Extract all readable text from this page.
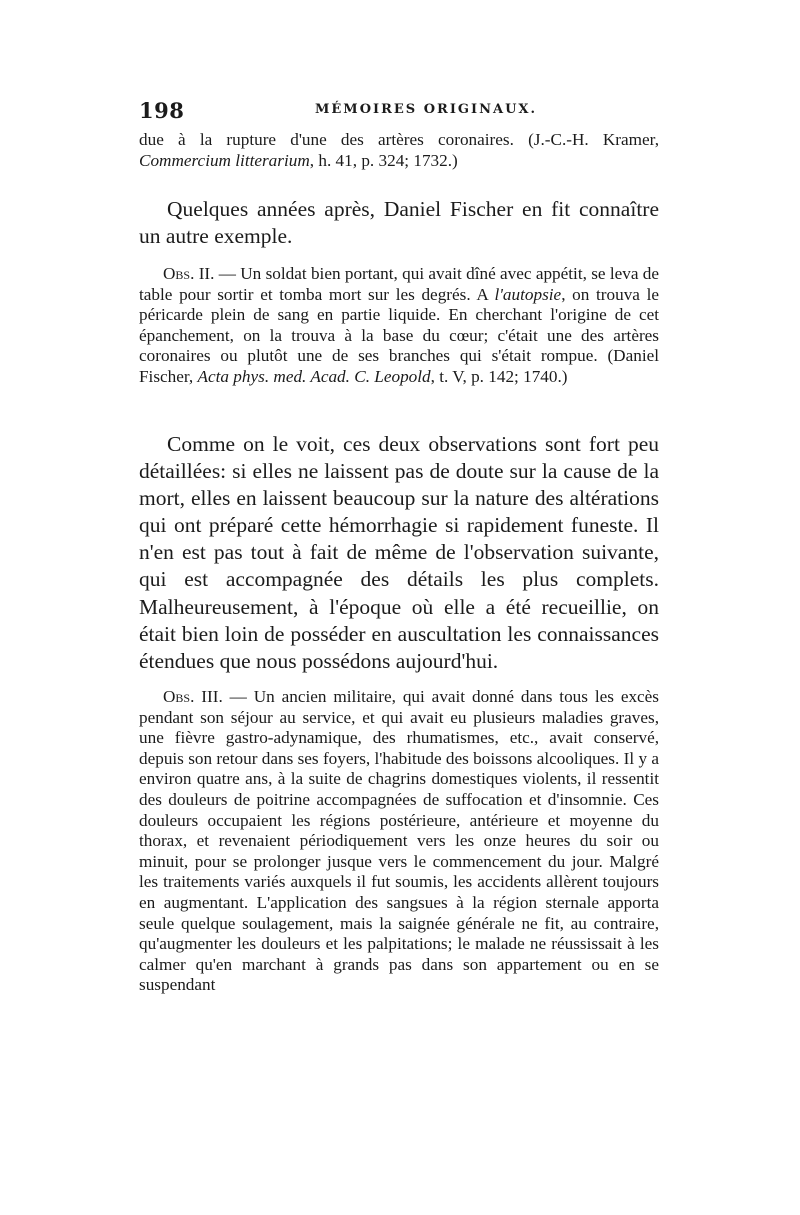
198	MÉMOIRES ORIGINAUX.

due à la rupture d'une des artères coronaires. (J.-C.-H. Kramer, Commercium litterarium, h. 41, p. 324; 1732.)

Quelques années après, Daniel Fischer en fit connaître un autre exemple.

Obs. II. — Un soldat bien portant, qui avait dîné avec appétit, se leva de table pour sortir et tomba mort sur les degrés. A l'autopsie, on trouva le péricarde plein de sang en partie liquide. En cherchant l'origine de cet épanchement, on la trouva à la base du cœur; c'était une des artères coronaires ou plutôt une de ses branches qui s'était rompue. (Daniel Fischer, Acta phys. med. Acad. C. Leopold, t. V, p. 142; 1740.)

Comme on le voit, ces deux observations sont fort peu détaillées: si elles ne laissent pas de doute sur la cause de la mort, elles en laissent beaucoup sur la nature des altérations qui ont préparé cette hémorrhagie si rapidement funeste. Il n'en est pas tout à fait de même de l'observation suivante, qui est accompagnée des détails les plus complets. Malheureusement, à l'époque où elle a été recueillie, on était bien loin de posséder en auscultation les connaissances étendues que nous possédons aujourd'hui.

Obs. III. — Un ancien militaire, qui avait donné dans tous les excès pendant son séjour au service, et qui avait eu plusieurs maladies graves, une fièvre gastro-adynamique, des rhumatismes, etc., avait conservé, depuis son retour dans ses foyers, l'habitude des boissons alcooliques. Il y a environ quatre ans, à la suite de chagrins domestiques violents, il ressentit des douleurs de poitrine accompagnées de suffocation et d'insomnie. Ces douleurs occupaient les régions postérieure, antérieure et moyenne du thorax, et revenaient périodiquement vers les onze heures du soir ou minuit, pour se prolonger jusque vers le commencement du jour. Malgré les traitements variés auxquels il fut soumis, les accidents allèrent toujours en augmentant. L'application des sangsues à la région sternale apporta seule quelque soulagement, mais la saignée générale ne fit, au contraire, qu'augmenter les douleurs et les palpitations; le malade ne réussissait à les calmer qu'en marchant à grands pas dans son appartement ou en se suspendant
